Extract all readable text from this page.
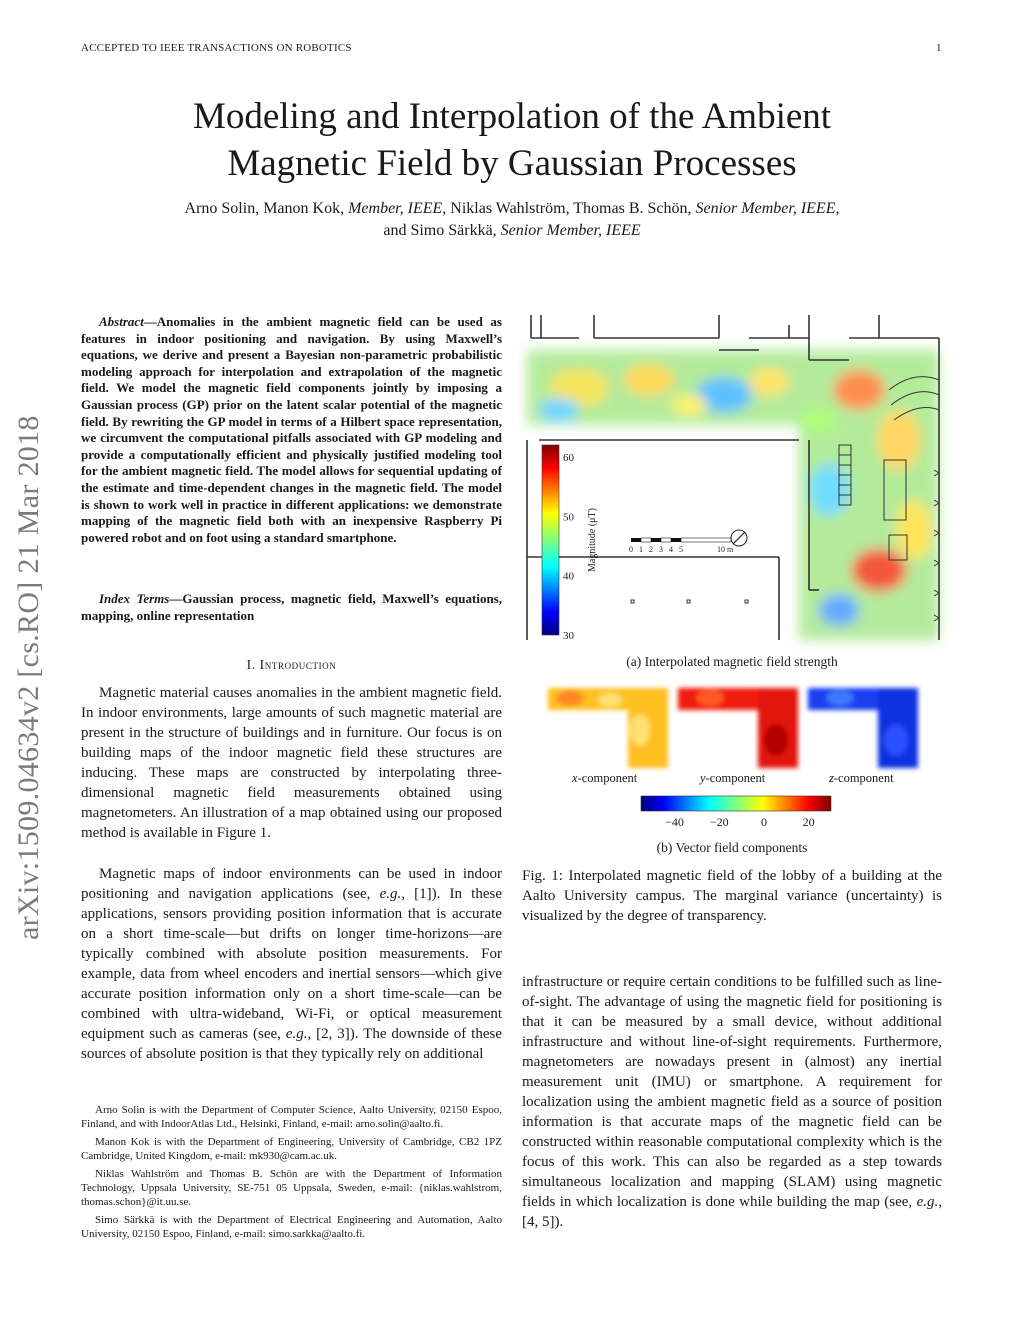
ACCEPTED TO IEEE TRANSACTIONS ON ROBOTICS	1
Modeling and Interpolation of the Ambient
Magnetic Field by Gaussian Processes
Arno Solin, Manon Kok, Member, IEEE, Niklas Wahlström, Thomas B. Schön, Senior Member, IEEE,
and Simo Särkkä, Senior Member, IEEE
arXiv:1509.04634v2 [cs.RO] 21 Mar 2018
Abstract—Anomalies in the ambient magnetic field can be used as features in indoor positioning and navigation. By using Maxwell’s equations, we derive and present a Bayesian non-parametric probabilistic modeling approach for interpolation and extrapolation of the magnetic field. We model the magnetic field components jointly by imposing a Gaussian process (GP) prior on the latent scalar potential of the magnetic field. By rewriting the GP model in terms of a Hilbert space representation, we circumvent the computational pitfalls associated with GP modeling and provide a computationally efficient and physically justified modeling tool for the ambient magnetic field. The model allows for sequential updating of the estimate and time-dependent changes in the magnetic field. The model is shown to work well in practice in different applications: we demonstrate mapping of the magnetic field both with an inexpensive Raspberry Pi powered robot and on foot using a standard smartphone.
Index Terms—Gaussian process, magnetic field, Maxwell’s equations, mapping, online representation
I. Introduction
Magnetic material causes anomalies in the ambient magnetic field. In indoor environments, large amounts of such magnetic material are present in the structure of buildings and in furniture. Our focus is on building maps of the indoor magnetic field these structures are inducing. These maps are constructed by interpolating three-dimensional magnetic field measurements obtained using magnetometers. An illustration of a map obtained using our proposed method is available in Figure 1.
Magnetic maps of indoor environments can be used in indoor positioning and navigation applications (see, e.g., [1]). In these applications, sensors providing position information that is accurate on a short time-scale—but drifts on longer time-horizons—are typically combined with absolute position measurements. For example, data from wheel encoders and inertial sensors—which give accurate position information only on a short time-scale—can be combined with ultra-wideband, Wi-Fi, or optical measurement equipment such as cameras (see, e.g., [2, 3]). The downside of these sources of absolute position is that they typically rely on additional

Arno Solin is with the Department of Computer Science, Aalto University, 02150 Espoo, Finland, and with IndoorAtlas Ltd., Helsinki, Finland, e-mail: arno.solin@aalto.fi.

Manon Kok is with the Department of Engineering, University of Cambridge, CB2 1PZ Cambridge, United Kingdom, e-mail: mk930@cam.ac.uk.

Niklas Wahlström and Thomas B. Schön are with the Department of Information Technology, Uppsala University, SE-751 05 Uppsala, Sweden, e-mail: {niklas.wahlstrom, thomas.schon}@it.uu.se.

Simo Särkkä is with the Department of Electrical Engineering and Automation, Aalto University, 02150 Espoo, Finland, e-mail: simo.sarkka@aalto.fi.

60
50
40
30
Magnitude (μT)	0 1 2 3 4 5	10 m
(a) Interpolated magnetic field strength
x-component	y-component	z-component
−40 −20	0	20
(b) Vector field components
Fig. 1: Interpolated magnetic field of the lobby of a building at the Aalto University campus. The marginal variance (uncertainty) is visualized by the degree of transparency.
infrastructure or require certain conditions to be fulfilled such as line-of-sight. The advantage of using the magnetic field for positioning is that it can be measured by a small device, without additional infrastructure and without line-of-sight requirements. Furthermore, magnetometers are nowadays present in (almost) any inertial measurement unit (IMU) or smartphone. A requirement for localization using the ambient magnetic field as a source of position information is that accurate maps of the magnetic field can be constructed within reasonable computational complexity which is the focus of this work. This can also be regarded as a step towards simultaneous localization and mapping (SLAM) using magnetic fields in which localization is done while building the map (see, e.g., [4, 5]).
